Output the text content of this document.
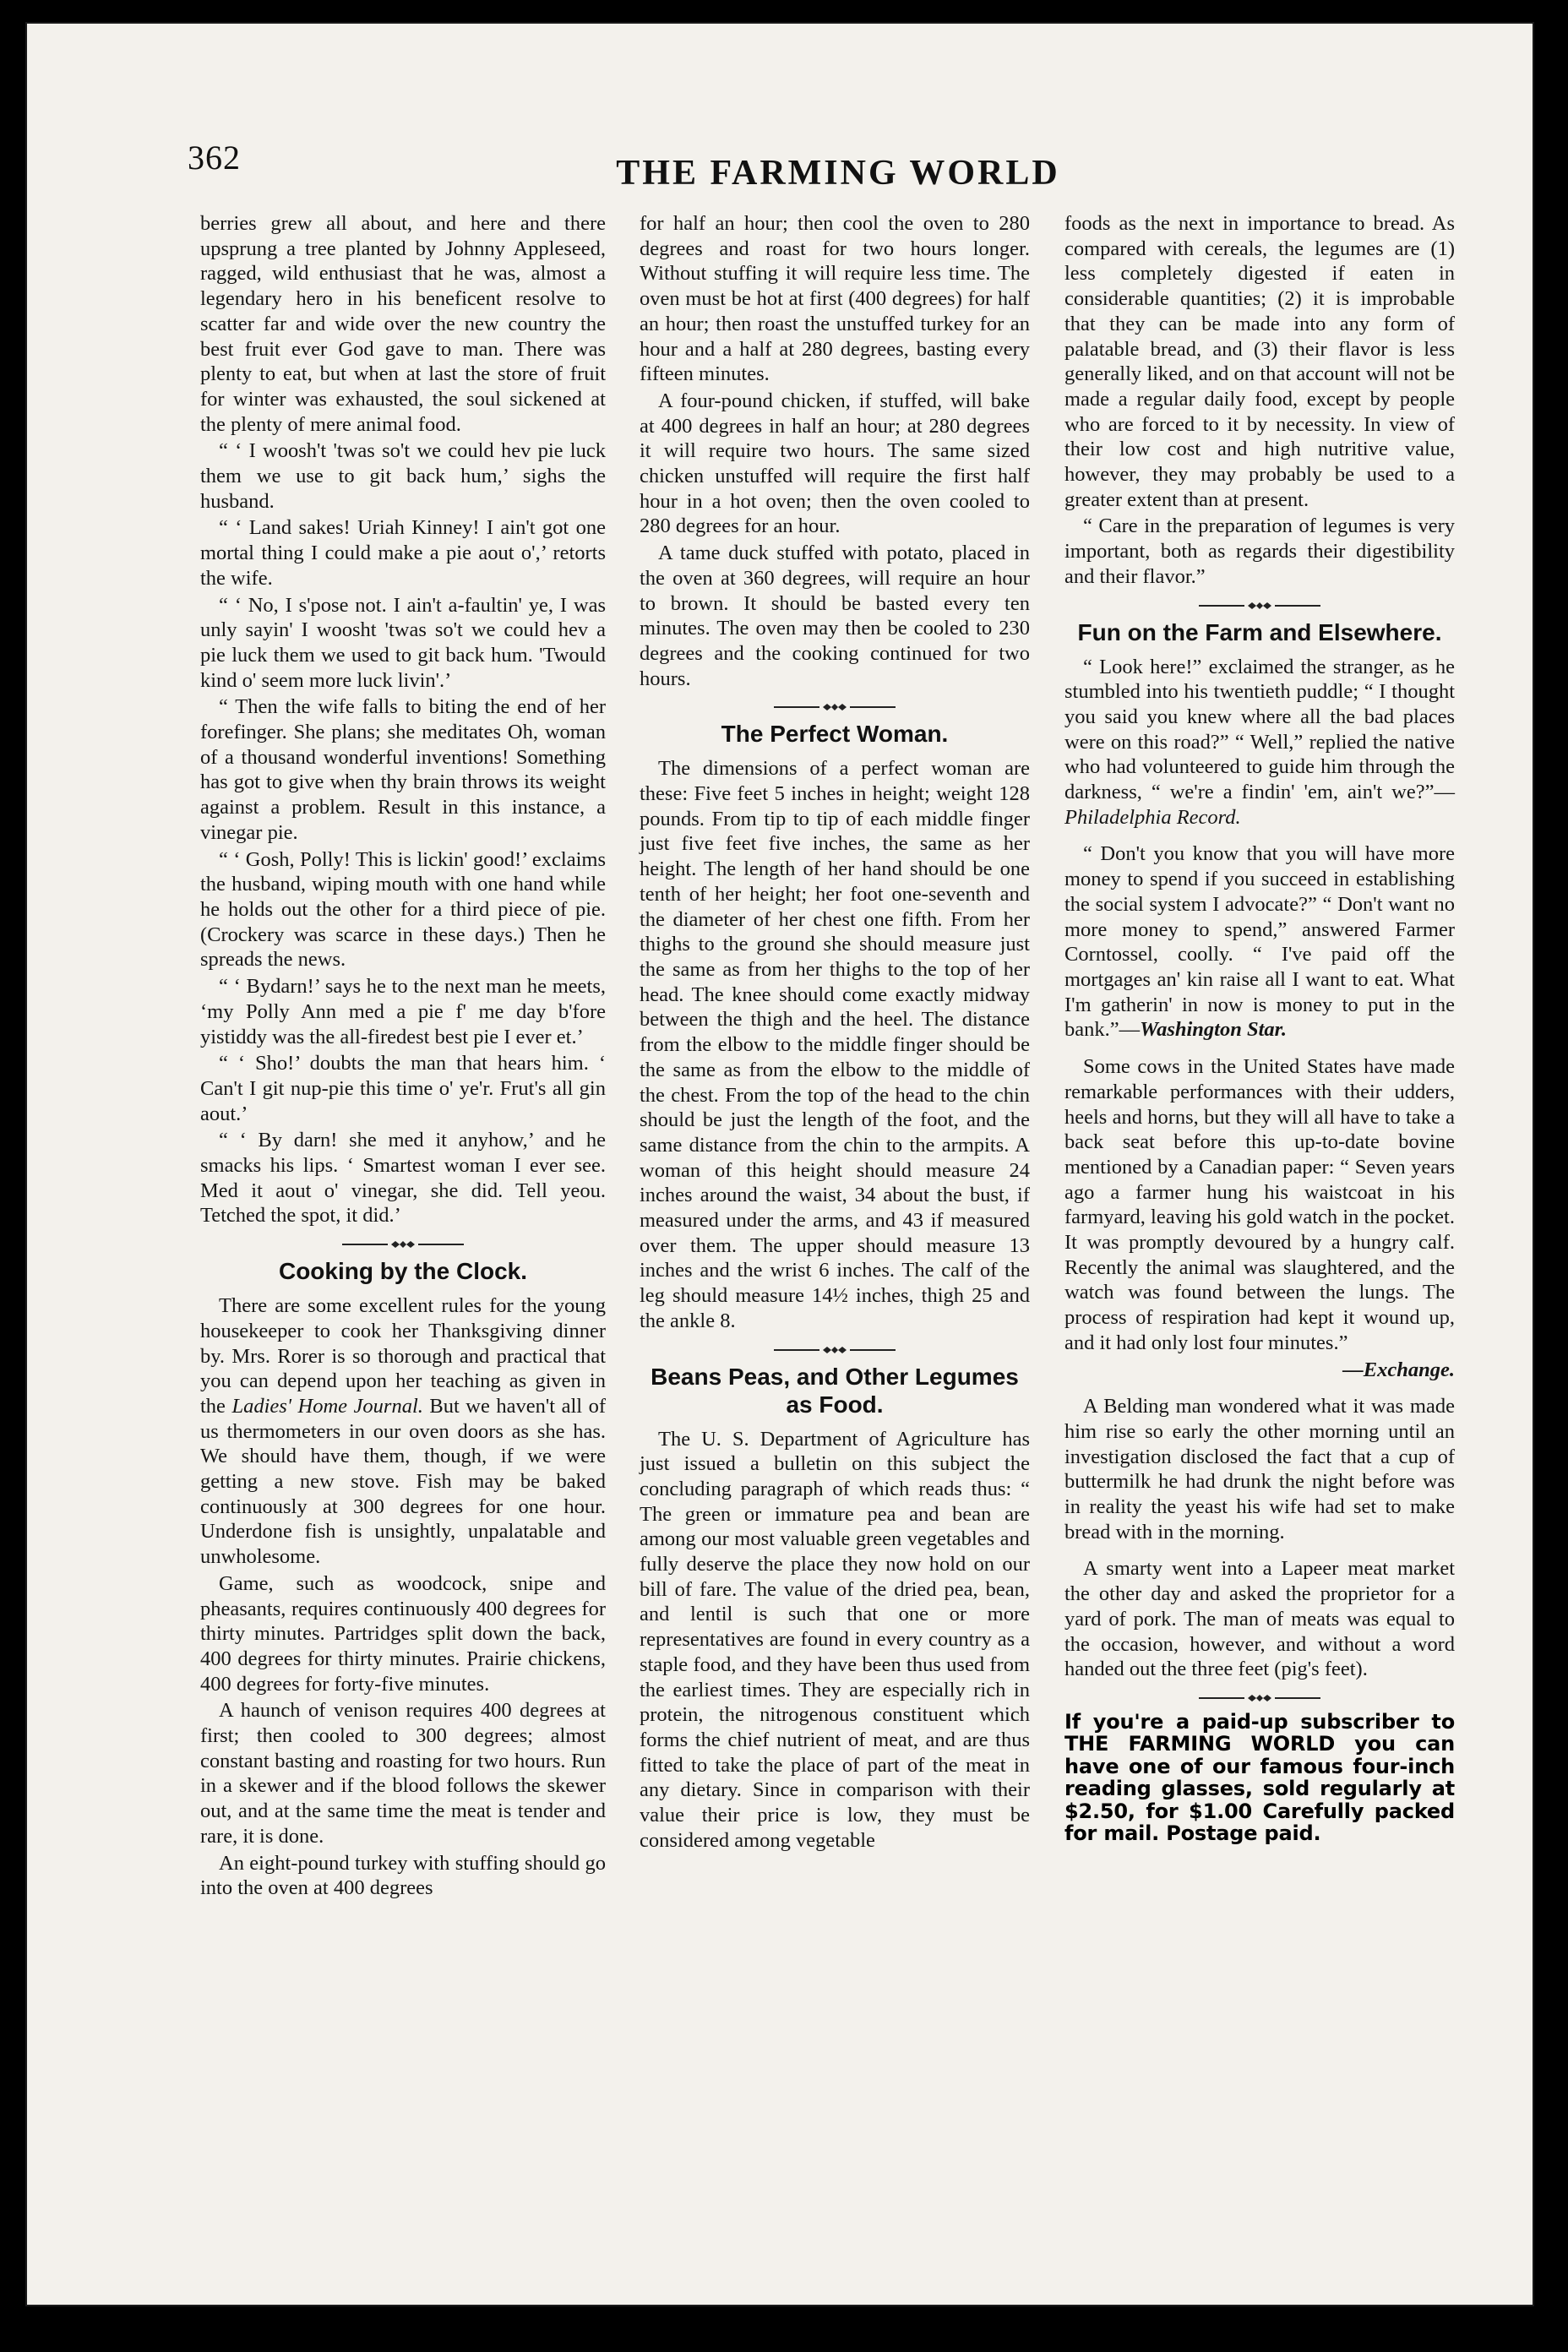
362	THE FARMING WORLD

berries grew all about, and here and there upsprung a tree planted by Johnny Appleseed, ragged, wild enthusiast that he was, almost a legendary hero in his beneficent resolve to scatter far and wide over the new country the best fruit ever God gave to man. There was plenty to eat, but when at last the store of fruit for winter was exhausted, the soul sickened at the plenty of mere animal food.

“ ‘ I woosh't 'twas so't we could hev pie luck them we use to git back hum,’ sighs the husband.

“ ‘ Land sakes! Uriah Kinney! I ain't got one mortal thing I could make a pie aout o',’ retorts the wife.

“ ‘ No, I s'pose not. I ain't a-faultin' ye, I was unly sayin' I woosht 'twas so't we could hev a pie luck them we used to git back hum. 'Twould kind o' seem more luck livin'.’

“ Then the wife falls to biting the end of her forefinger. She plans; she meditates Oh, woman of a thousand wonderful inventions! Something has got to give when thy brain throws its weight against a problem. Result in this instance, a vinegar pie.

“ ‘ Gosh, Polly! This is lickin' good!’ exclaims the husband, wiping mouth with one hand while he holds out the other for a third piece of pie. (Crockery was scarce in these days.) Then he spreads the news.

“ ‘ Bydarn!’ says he to the next man he meets, ‘my Polly Ann med a pie f' me day b'fore yistiddy was the all-firedest best pie I ever et.’

“ ‘ Sho!’ doubts the man that hears him. ‘ Can't I git nup-pie this time o' ye'r. Frut's all gin aout.’

“ ‘ By darn! she med it anyhow,’ and he smacks his lips. ‘ Smartest woman I ever see. Med it aout o' vinegar, she did. Tell yeou. Tetched the spot, it did.’

Cooking by the Clock.

There are some excellent rules for the young housekeeper to cook her Thanksgiving dinner by. Mrs. Rorer is so thorough and practical that you can depend upon her teaching as given in the Ladies' Home Journal. But we haven't all of us thermometers in our oven doors as she has. We should have them, though, if we were getting a new stove. Fish may be baked continuously at 300 degrees for one hour. Underdone fish is unsightly, unpalatable and unwholesome.

Game, such as woodcock, snipe and pheasants, requires continuously 400 degrees for thirty minutes. Partridges split down the back, 400 degrees for thirty minutes. Prairie chickens, 400 degrees for forty-five minutes.

A haunch of venison requires 400 degrees at first; then cooled to 300 degrees; almost constant basting and roasting for two hours. Run in a skewer and if the blood follows the skewer out, and at the same time the meat is tender and rare, it is done.

An eight-pound turkey with stuffing should go into the oven at 400 degrees

for half an hour; then cool the oven to 280 degrees and roast for two hours longer. Without stuffing it will require less time. The oven must be hot at first (400 degrees) for half an hour; then roast the unstuffed turkey for an hour and a half at 280 degrees, basting every fifteen minutes.

A four-pound chicken, if stuffed, will bake at 400 degrees in half an hour; at 280 degrees it will require two hours. The same sized chicken unstuffed will require the first half hour in a hot oven; then the oven cooled to 280 degrees for an hour.

A tame duck stuffed with potato, placed in the oven at 360 degrees, will require an hour to brown. It should be basted every ten minutes. The oven may then be cooled to 230 degrees and the cooking continued for two hours.

The Perfect Woman.

The dimensions of a perfect woman are these: Five feet 5 inches in height; weight 128 pounds. From tip to tip of each middle finger just five feet five inches, the same as her height. The length of her hand should be one tenth of her height; her foot one-seventh and the diameter of her chest one fifth. From her thighs to the ground she should measure just the same as from her thighs to the top of her head. The knee should come exactly midway between the thigh and the heel. The distance from the elbow to the middle finger should be the same as from the elbow to the middle of the chest. From the top of the head to the chin should be just the length of the foot, and the same distance from the chin to the armpits. A woman of this height should measure 24 inches around the waist, 34 about the bust, if measured under the arms, and 43 if measured over them. The upper should measure 13 inches and the wrist 6 inches. The calf of the leg should measure 14½ inches, thigh 25 and the ankle 8.

Beans Peas, and Other Legumes as Food.

The U. S. Department of Agriculture has just issued a bulletin on this subject the concluding paragraph of which reads thus: “ The green or immature pea and bean are among our most valuable green vegetables and fully deserve the place they now hold on our bill of fare. The value of the dried pea, bean, and lentil is such that one or more representatives are found in every country as a staple food, and they have been thus used from the earliest times. They are especially rich in protein, the nitrogenous constituent which forms the chief nutrient of meat, and are thus fitted to take the place of part of the meat in any dietary. Since in comparison with their value their price is low, they must be considered among vegetable

foods as the next in importance to bread. As compared with cereals, the legumes are (1) less completely digested if eaten in considerable quantities; (2) it is improbable that they can be made into any form of palatable bread, and (3) their flavor is less generally liked, and on that account will not be made a regular daily food, except by people who are forced to it by necessity. In view of their low cost and high nutritive value, however, they may probably be used to a greater extent than at present.

“ Care in the preparation of legumes is very important, both as regards their digestibility and their flavor.”

Fun on the Farm and Elsewhere.

“ Look here!” exclaimed the stranger, as he stumbled into his twentieth puddle; “ I thought you said you knew where all the bad places were on this road?” “ Well,” replied the native who had volunteered to guide him through the darkness, “ we're a findin' 'em, ain't we?”—Philadelphia Record.

“ Don't you know that you will have more money to spend if you succeed in establishing the social system I advocate?” “ Don't want no more money to spend,” answered Farmer Corntossel, coolly. “ I've paid off the mortgages an' kin raise all I want to eat. What I'm gatherin' in now is money to put in the bank.”—Washington Star.

Some cows in the United States have made remarkable performances with their udders, heels and horns, but they will all have to take a back seat before this up-to-date bovine mentioned by a Canadian paper: “ Seven years ago a farmer hung his waistcoat in his farmyard, leaving his gold watch in the pocket. It was promptly devoured by a hungry calf. Recently the animal was slaughtered, and the watch was found between the lungs. The process of respiration had kept it wound up, and it had only lost four minutes.”

—Exchange.

A Belding man wondered what it was made him rise so early the other morning until an investigation disclosed the fact that a cup of buttermilk he had drunk the night before was in reality the yeast his wife had set to make bread with in the morning.

A smarty went into a Lapeer meat market the other day and asked the proprietor for a yard of pork. The man of meats was equal to the occasion, however, and without a word handed out the three feet (pig's feet).

If you're a paid-up subscriber to THE FARMING WORLD you can have one of our famous four-inch reading glasses, sold regularly at $2.50, for $1.00 Carefully packed for mail. Postage paid.
